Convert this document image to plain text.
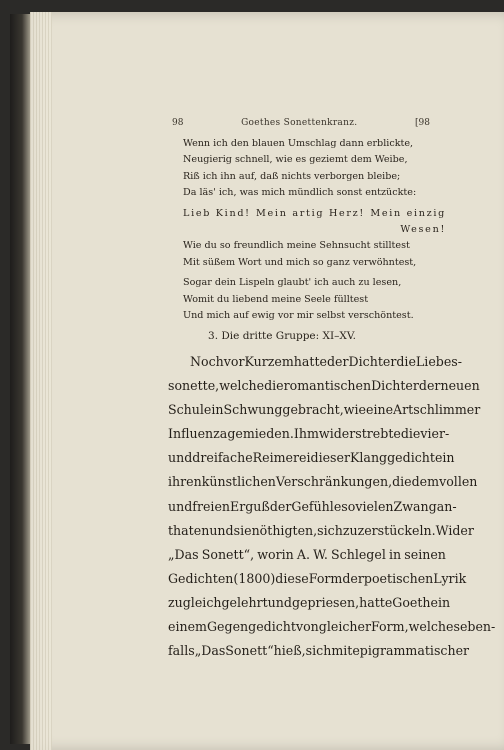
98	Goethes Sonettenkranz.	[98
Wenn ich den blauen Umschlag dann erblickte,
Neugierig schnell, wie es geziemt dem Weibe,
Riß ich ihn auf, daß nichts verborgen bleibe;
Da läs' ich, was mich mündlich sonst entzückte:
Lieb Kind! Mein artig Herz! Mein einzig
Wesen!
Wie du so freundlich meine Sehnsucht stilltest
Mit süßem Wort und mich so ganz verwöhntest,
Sogar dein Lispeln glaubt' ich auch zu lesen,
Womit du liebend meine Seele fülltest
Und mich auf ewig vor mir selbst verschöntest.
3. Die dritte Gruppe: XI–XV.
Noch vor Kurzem hatte der Dichter die Liebes-
sonette, welche die romantischen Dichter der neuen
Schule in Schwung gebracht, wie eine Art schlimmer
Influenza gemieden. Ihm widerstrebte die vier-
und dreifache Reimerei dieser Klanggedichte in
ihren künstlichen Verschränkungen, die dem vollen
und freien Erguß der Gefühle so vielen Zwang an-
thaten und sie nöthigten, sich zu zerstückeln. Wider
„Das Sonett“, worin A. W. Schlegel in seinen
Gedichten (1800) diese Form der poetischen Lyrik
zugleich gelehrt und gepriesen, hatte Goethe in
einem Gegengedicht von gleicher Form, welches eben-
falls „Das Sonett“ hieß, sich mit epigrammatischer
